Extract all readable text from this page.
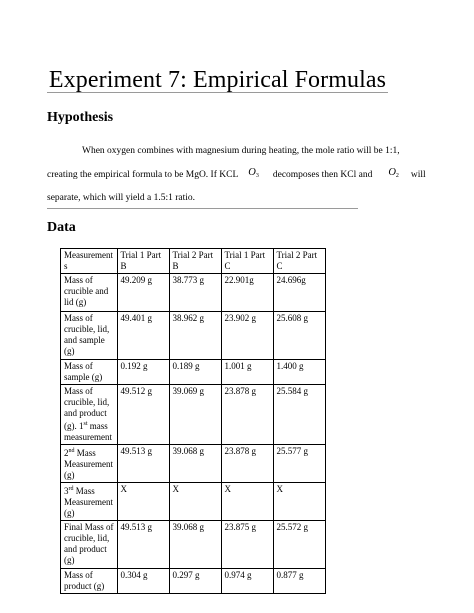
Experiment 7: Empirical Formulas
Hypothesis
When oxygen combines with magnesium during heating, the mole ratio will be 1:1,
creating the empirical formula to be MgO. If KCL $O_3$ decomposes then KCl and $O_2$ will
separate, which will yield a 1.5:1 ratio.
Data
Measurement
s	Trial 1 Part
B	Trial 2 Part
B	Trial 1 Part
C	Trial 2 Part
C

Mass of
crucible and
lid (g)	49.209 g	38.773 g	22.901g	24.696g

Mass of
crucible, lid,
and sample
(g)	49.401 g	38.962 g	23.902 g	25.608 g

Mass of
sample (g)	0.192 g	0.189 g	1.001 g	1.400 g

Mass of
crucible, lid,
and product
(g). 1st mass
measurement	49.512 g	39.069 g	23.878 g	25.584 g

2nd Mass
Measurement
(g)	49.513 g	39.068 g	23.878 g	25.577 g

3rd Mass
Measurement
(g)	X	X	X	X

Final Mass of
crucible, lid,
and product
(g)	49.513 g	39.068 g	23.875 g	25.572 g

Mass of
product (g)	0.304 g	0.297 g	0.974 g	0.877 g
